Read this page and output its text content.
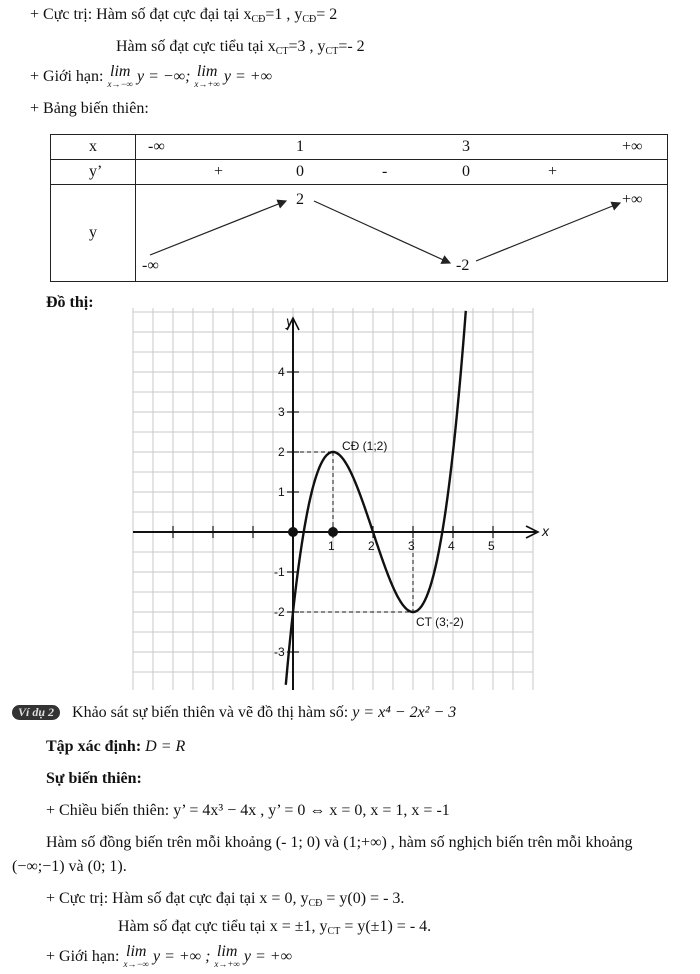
+ Cực trị: Hàm số đạt cực đại tại $x_{CĐ}=1$ , $y_{CĐ}= 2$
Hàm số đạt cực tiểu tại $x_{CT}=3$ , $y_{CT}=-$ 2
+ Giới hạn: lim
x→−∞ y = −∞; lim
x→+∞ y = +∞
+ Bảng biến thiên:
x	-∞ 1 3 +∞

y’	+ 0 - 0 +

y	-∞
2
-2
+∞
Đồ thị:
x
y
1	2	3	4	5
4
3
2
1
-1
-2
-3
CĐ (1;2)
CT (3;-2)
Ví dụ 2 Khảo sát sự biến thiên và vẽ đồ thị hàm số: y = x⁴ − 2x² − 3
Tập xác định: D = R
Sự biến thiên:
+ Chiều biến thiên: y’ = 4x³ − 4x , y’ = 0 ⇔ x = 0, x = 1, x = -1
Hàm số đồng biến trên mỗi khoảng (- 1; 0) và (1;+∞) , hàm số nghịch biến trên mỗi khoảng
(−∞;−1) và (0; 1).
+ Cực trị: Hàm số đạt cực đại tại x = 0, $y_{CĐ} = y(0)$ = - 3.
Hàm số đạt cực tiểu tại x = ±1, $y_{CT} = y(\pm 1)$ = - 4.
+ Giới hạn: lim
x→−∞ y = +∞ ; lim
x→+∞ y = +∞
